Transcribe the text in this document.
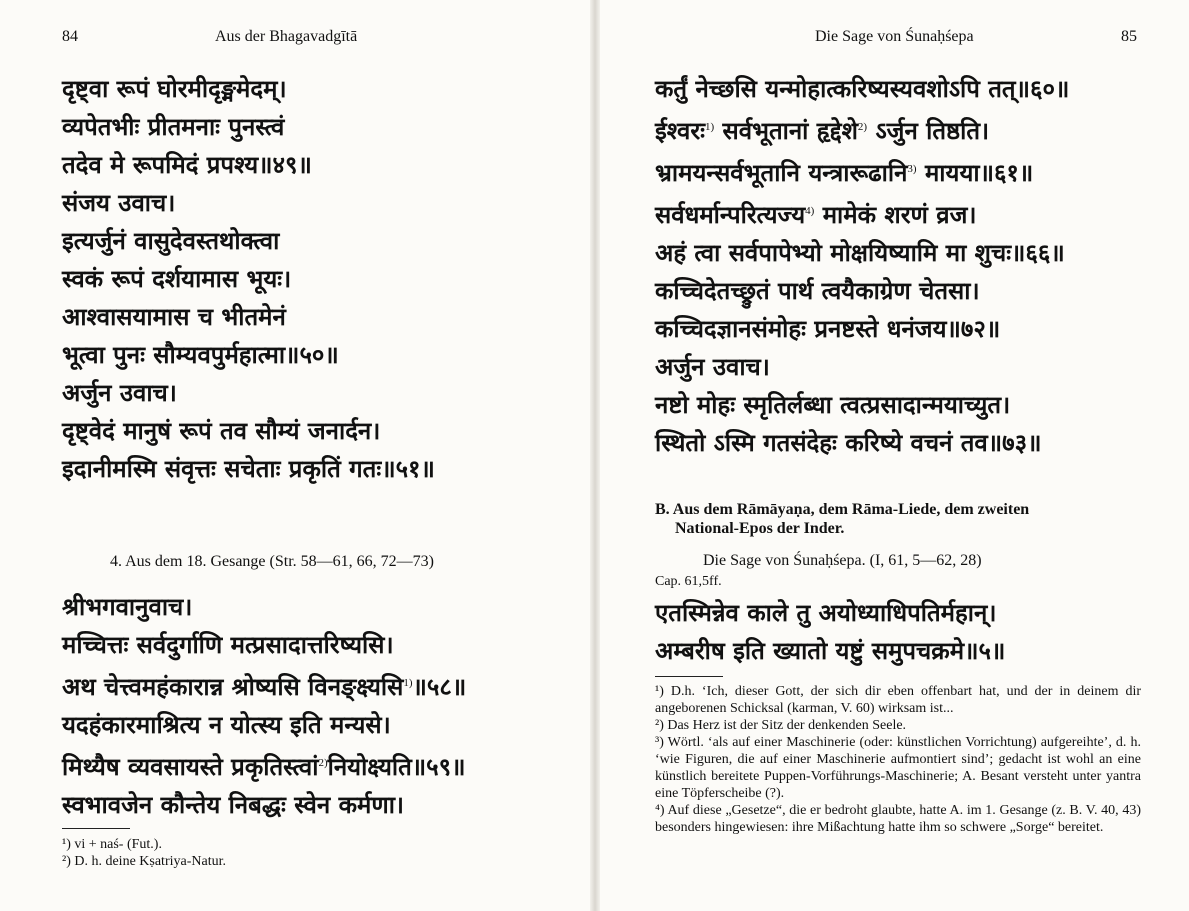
84	Aus der Bhagavadgītā
दृष्ट्वा रूपं घोरमीदृङ्ममेदम्।
व्यपेतभीः प्रीतमनाः पुनस्त्वं
तदेव मे रूपमिदं प्रपश्य॥४९॥
संजय उवाच।
इत्यर्जुनं वासुदेवस्तथोक्त्वा
स्वकं रूपं दर्शयामास भूयः।
आश्वासयामास च भीतमेनं
भूत्वा पुनः सौम्यवपुर्महात्मा॥५०॥
अर्जुन उवाच।
दृष्ट्वेदं मानुषं रूपं तव सौम्यं जनार्दन।
इदानीमस्मि संवृत्तः सचेताः प्रकृतिं गतः॥५१॥
4. Aus dem 18. Gesange (Str. 58—61, 66, 72—73)
श्रीभगवानुवाच।
मच्चित्तः सर्वदुर्गाणि मत्प्रसादात्तरिष्यसि।
अथ चेत्त्वमहंकारान्न श्रोष्यसि विनङ्क्ष्यसि$^{1)}$॥५८॥
यदहंकारमाश्रित्य न योत्स्य इति मन्यसे।
मिथ्यैष व्यवसायस्ते प्रकृतिस्त्वां$^{2)}$नियोक्ष्यति॥५९॥
स्वभावजेन कौन्तेय निबद्धः स्वेन कर्मणा।
¹) vi + naś- (Fut.).
²) D. h. deine Kṣatriya-Natur.
Die Sage von Śunaḥśepa	85
कर्तुं नेच्छसि यन्मोहात्करिष्यस्यवशोऽपि तत्॥६०॥
ईश्वरः$^{1)}$ सर्वभूतानां हृद्देशे$^{2)}$ ऽर्जुन तिष्ठति।
भ्रामयन्सर्वभूतानि यन्त्रारूढानि$^{3)}$ मायया॥६१॥
सर्वधर्मान्परित्यज्य$^{4)}$ मामेकं शरणं व्रज।
अहं त्वा सर्वपापेभ्यो मोक्षयिष्यामि मा शुचः॥६६॥
कच्चिदेतच्छ्रुतं पार्थ त्वयैकाग्रेण चेतसा।
कच्चिदज्ञानसंमोहः प्रनष्टस्ते धनंजय॥७२॥
अर्जुन उवाच।
नष्टो मोहः स्मृतिर्लब्धा त्वत्प्रसादान्मयाच्युत।
स्थितो ऽस्मि गतसंदेहः करिष्ये वचनं तव॥७३॥
B. Aus dem Rāmāyaṇa, dem Rāma-Liede, dem zweiten
National-Epos der Inder.
Die Sage von Śunaḥśepa. (I, 61, 5—62, 28)
Cap. 61,5ff.
एतस्मिन्नेव काले तु अयोध्याधिपतिर्महान्।
अम्बरीष इति ख्यातो यष्टुं समुपचक्रमे॥५॥
¹) D.h. ‘Ich, dieser Gott, der sich dir eben offenbart hat, und der in deinem dir angeborenen Schicksal (karman, V. 60) wirksam ist...
²) Das Herz ist der Sitz der denkenden Seele.
³) Wörtl. ‘als auf einer Maschinerie (oder: künstlichen Vorrichtung) aufgereihte’, d. h. ‘wie Figuren, die auf einer Maschinerie aufmontiert sind’; gedacht ist wohl an eine künstlich bereitete Puppen-Vorführungs-Maschinerie; A. Besant versteht unter yantra eine Töpferscheibe (?).
⁴) Auf diese „Gesetze“, die er bedroht glaubte, hatte A. im 1. Gesange (z. B. V. 40, 43) besonders hingewiesen: ihre Mißachtung hatte ihm so schwere „Sorge“ bereitet.
